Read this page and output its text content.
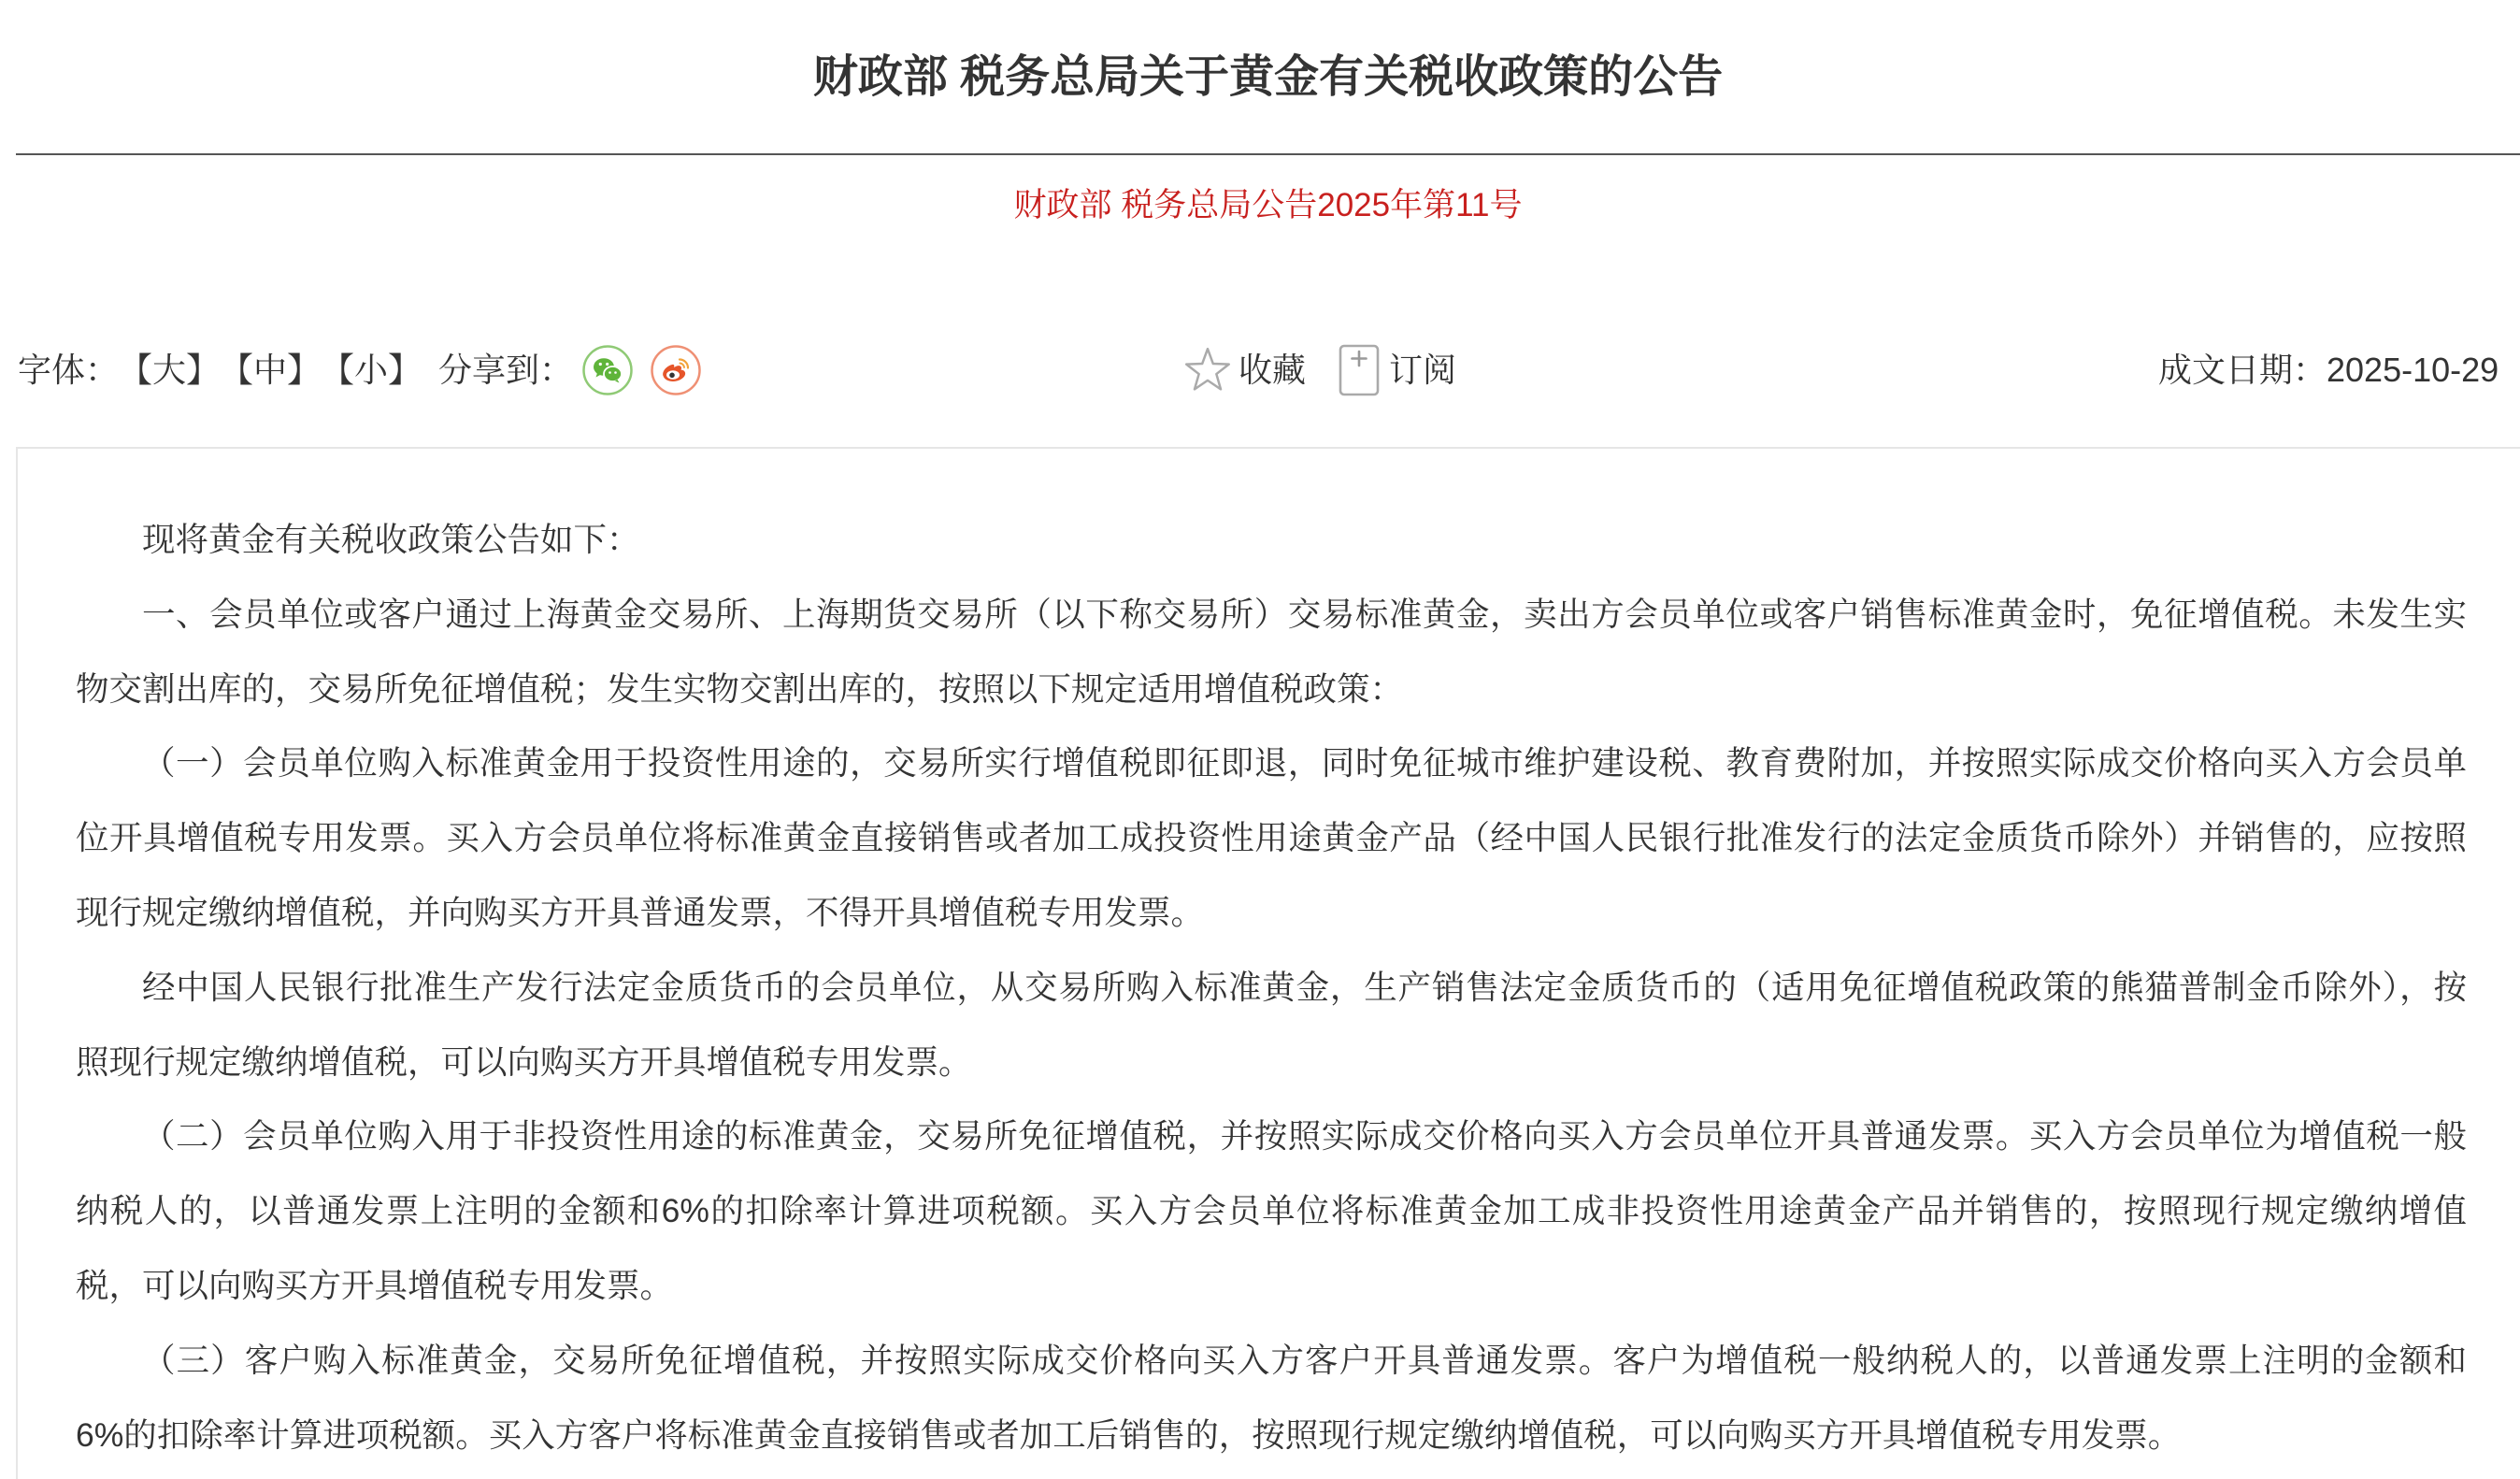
财政部 税务总局关于黄金有关税收政策的公告
财政部 税务总局公告2025年第11号
字体： 【大】 【中】 【小】 分享到：	收藏 订阅	成文日期：2025-10-29
现将黄金有关税收政策公告如下：
一、会员单位或客户通过上海黄金交易所、上海期货交易所（以下称交易所）交易标准黄金，卖出方会员单位或客户销售标准黄金时，免征增值税。未发生实
物交割出库的，交易所免征增值税；发生实物交割出库的，按照以下规定适用增值税政策：
（一）会员单位购入标准黄金用于投资性用途的，交易所实行增值税即征即退，同时免征城市维护建设税、教育费附加，并按照实际成交价格向买入方会员单
位开具增值税专用发票。买入方会员单位将标准黄金直接销售或者加工成投资性用途黄金产品（经中国人民银行批准发行的法定金质货币除外）并销售的，应按照
现行规定缴纳增值税，并向购买方开具普通发票，不得开具增值税专用发票。
经中国人民银行批准生产发行法定金质货币的会员单位，从交易所购入标准黄金，生产销售法定金质货币的（适用免征增值税政策的熊猫普制金币除外），按
照现行规定缴纳增值税，可以向购买方开具增值税专用发票。
（二）会员单位购入用于非投资性用途的标准黄金，交易所免征增值税，并按照实际成交价格向买入方会员单位开具普通发票。买入方会员单位为增值税一般
纳税人的，以普通发票上注明的金额和6%的扣除率计算进项税额。买入方会员单位将标准黄金加工成非投资性用途黄金产品并销售的，按照现行规定缴纳增值
税，可以向购买方开具增值税专用发票。
（三）客户购入标准黄金，交易所免征增值税，并按照实际成交价格向买入方客户开具普通发票。客户为增值税一般纳税人的，以普通发票上注明的金额和
6%的扣除率计算进项税额。买入方客户将标准黄金直接销售或者加工后销售的，按照现行规定缴纳增值税，可以向购买方开具增值税专用发票。
